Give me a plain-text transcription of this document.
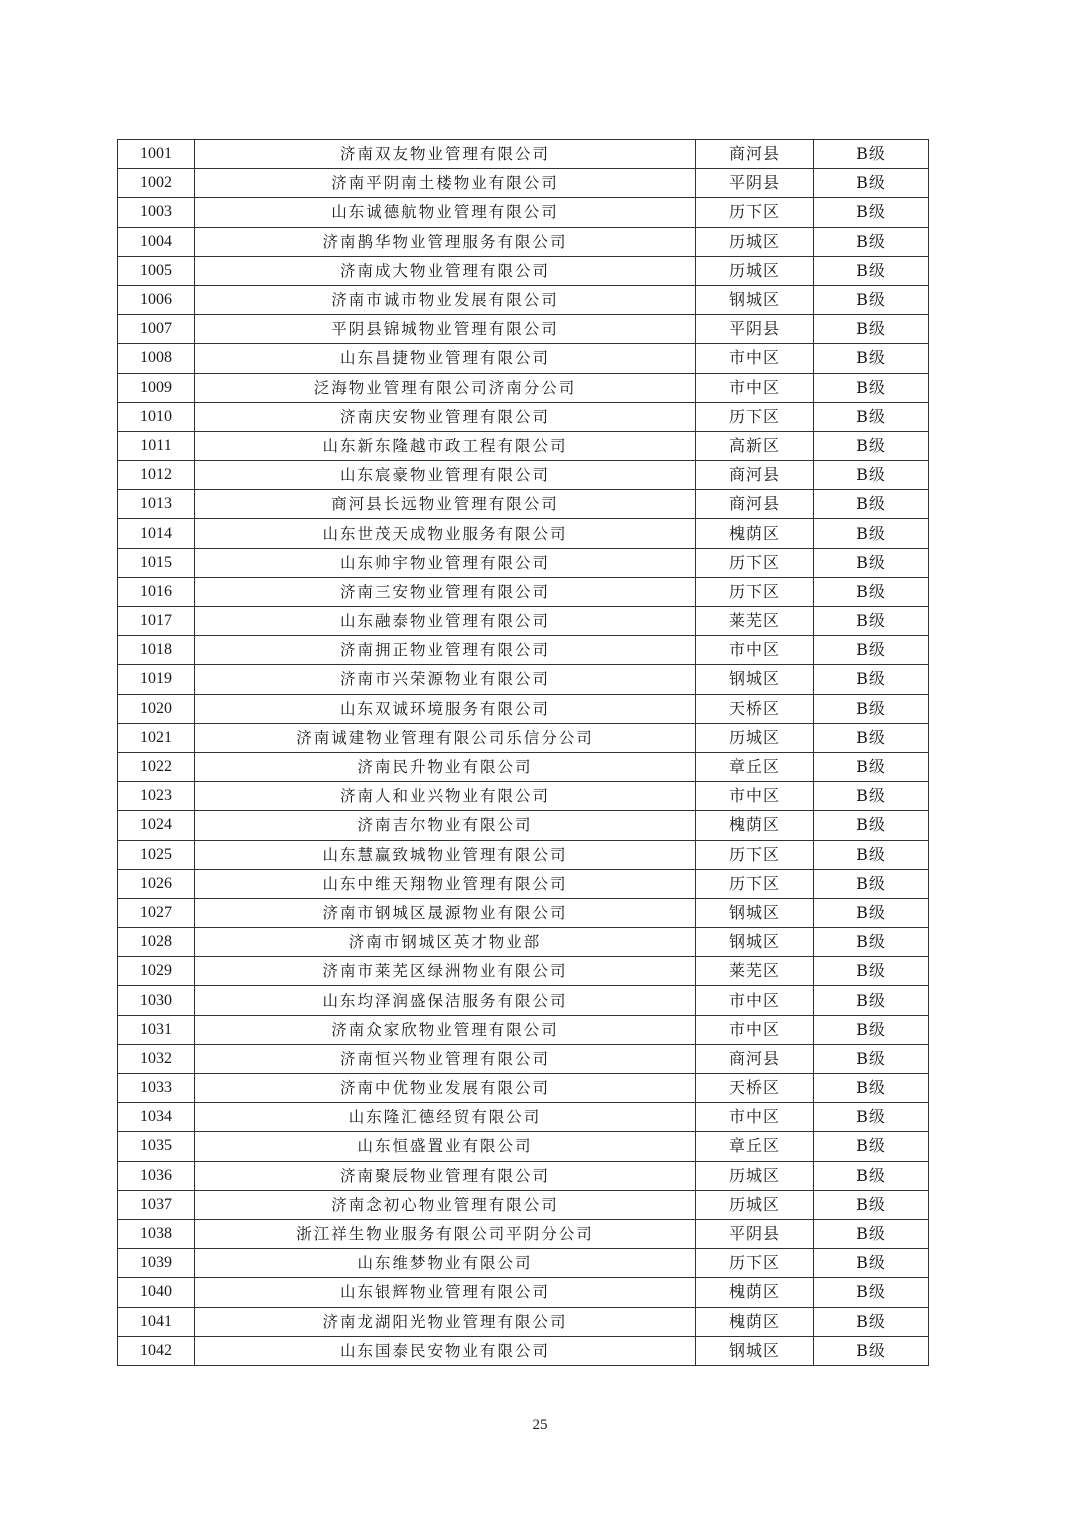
1001	济南双友物业管理有限公司	商河县	B级
1002	济南平阴南土楼物业有限公司	平阴县	B级
1003	山东诚德航物业管理有限公司	历下区	B级
1004	济南鹊华物业管理服务有限公司	历城区	B级
1005	济南成大物业管理有限公司	历城区	B级
1006	济南市诚市物业发展有限公司	钢城区	B级
1007	平阴县锦城物业管理有限公司	平阴县	B级
1008	山东昌捷物业管理有限公司	市中区	B级
1009	泛海物业管理有限公司济南分公司	市中区	B级
1010	济南庆安物业管理有限公司	历下区	B级
1011	山东新东隆越市政工程有限公司	高新区	B级
1012	山东宸豪物业管理有限公司	商河县	B级
1013	商河县长远物业管理有限公司	商河县	B级
1014	山东世茂天成物业服务有限公司	槐荫区	B级
1015	山东帅宇物业管理有限公司	历下区	B级
1016	济南三安物业管理有限公司	历下区	B级
1017	山东融泰物业管理有限公司	莱芜区	B级
1018	济南拥正物业管理有限公司	市中区	B级
1019	济南市兴荣源物业有限公司	钢城区	B级
1020	山东双诚环境服务有限公司	天桥区	B级
1021	济南诚建物业管理有限公司乐信分公司	历城区	B级
1022	济南民升物业有限公司	章丘区	B级
1023	济南人和业兴物业有限公司	市中区	B级
1024	济南吉尔物业有限公司	槐荫区	B级
1025	山东慧赢致城物业管理有限公司	历下区	B级
1026	山东中维天翔物业管理有限公司	历下区	B级
1027	济南市钢城区晟源物业有限公司	钢城区	B级
1028	济南市钢城区英才物业部	钢城区	B级
1029	济南市莱芜区绿洲物业有限公司	莱芜区	B级
1030	山东均泽润盛保洁服务有限公司	市中区	B级
1031	济南众家欣物业管理有限公司	市中区	B级
1032	济南恒兴物业管理有限公司	商河县	B级
1033	济南中优物业发展有限公司	天桥区	B级
1034	山东隆汇德经贸有限公司	市中区	B级
1035	山东恒盛置业有限公司	章丘区	B级
1036	济南聚辰物业管理有限公司	历城区	B级
1037	济南念初心物业管理有限公司	历城区	B级
1038	浙江祥生物业服务有限公司平阴分公司	平阴县	B级
1039	山东维梦物业有限公司	历下区	B级
1040	山东银辉物业管理有限公司	槐荫区	B级
1041	济南龙湖阳光物业管理有限公司	槐荫区	B级
1042	山东国泰民安物业有限公司	钢城区	B级
25
